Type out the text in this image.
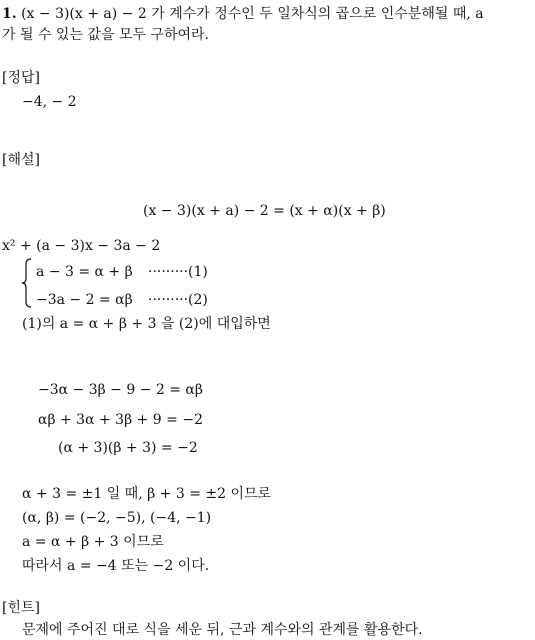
1. (x − 3)(x + a) − 2 가 계수가 정수인 두 일차식의 곱으로 인수분해될 때, a
가 될 수 있는 값을 모두 구하여라.
[정답]
−4, − 2
[해설]
(x − 3)(x + a) − 2 = (x + α)(x + β)
x² + (a − 3)x − 3a − 2
a − 3 = α + β ·········(1)
−3a − 2 = αβ ·········(2)
(1)의 a = α + β + 3 을 (2)에 대입하면
−3α − 3β − 9 − 2 = αβ
αβ + 3α + 3β + 9 = −2
(α + 3)(β + 3) = −2
α + 3 = ±1 일 때, β + 3 = ±2 이므로
(α, β) = (−2, −5), (−4, −1)
a = α + β + 3 이므로
따라서 a = −4 또는 −2 이다.
[힌트]
문제에 주어진 대로 식을 세운 뒤, 근과 계수와의 관계를 활용한다.
